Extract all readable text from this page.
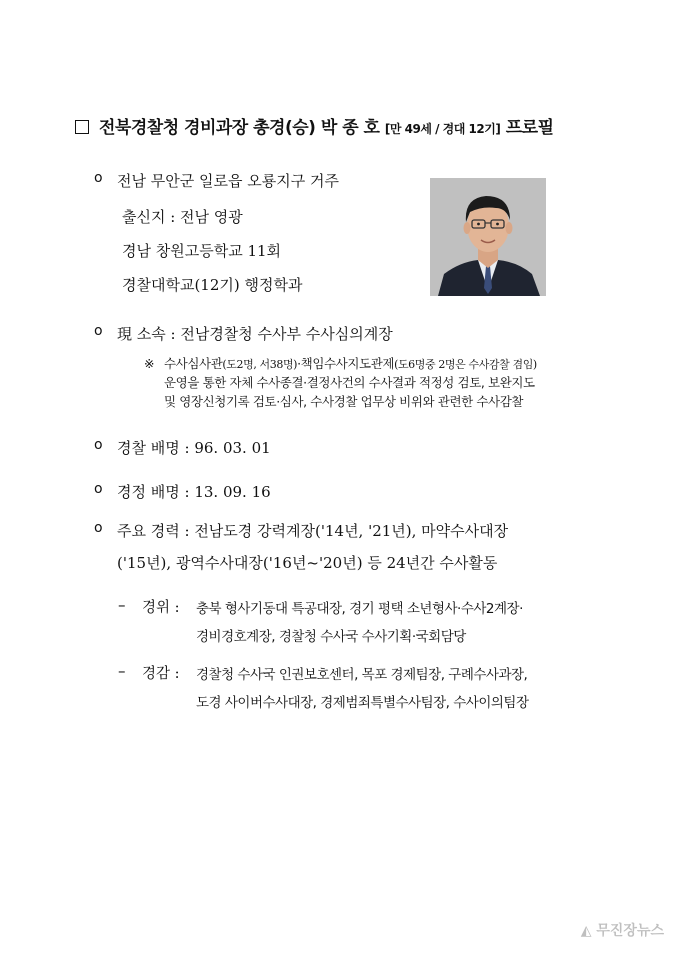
전북경찰청 경비과장 총경(승) 박 종 호 [만 49세 / 경대 12기] 프로필
o 전남 무안군 일로읍 오룡지구 거주
출신지 : 전남 영광
경남 창원고등학교 11회
경찰대학교(12기) 행정학과
o 現 소속 : 전남경찰청 수사부 수사심의계장
※ 수사심사관(도2명, 서38명)·책임수사지도관제(도6명중 2명은 수사감찰 겸임)
운영을 통한 자체 수사종결·결정사건의 수사결과 적정성 검토, 보완지도
및 영장신청기록 검토·심사, 수사경찰 업무상 비위와 관련한 수사감찰
o 경찰 배명 : 96. 03. 01
o 경정 배명 : 13. 09. 16
o 주요 경력 : 전남도경 강력계장('14년, '21년), 마약수사대장
('15년), 광역수사대장('16년~'20년) 등 24년간 수사활동
– 경위 : 충북 형사기동대 특공대장, 경기 평택 소년형사·수사2계장·
경비경호계장, 경찰청 수사국 수사기획·국회담당
– 경감 : 경찰청 수사국 인권보호센터, 목포 경제팀장, 구례수사과장,
도경 사이버수사대장, 경제범죄특별수사팀장, 수사이의팀장
◭ 무진장뉴스
